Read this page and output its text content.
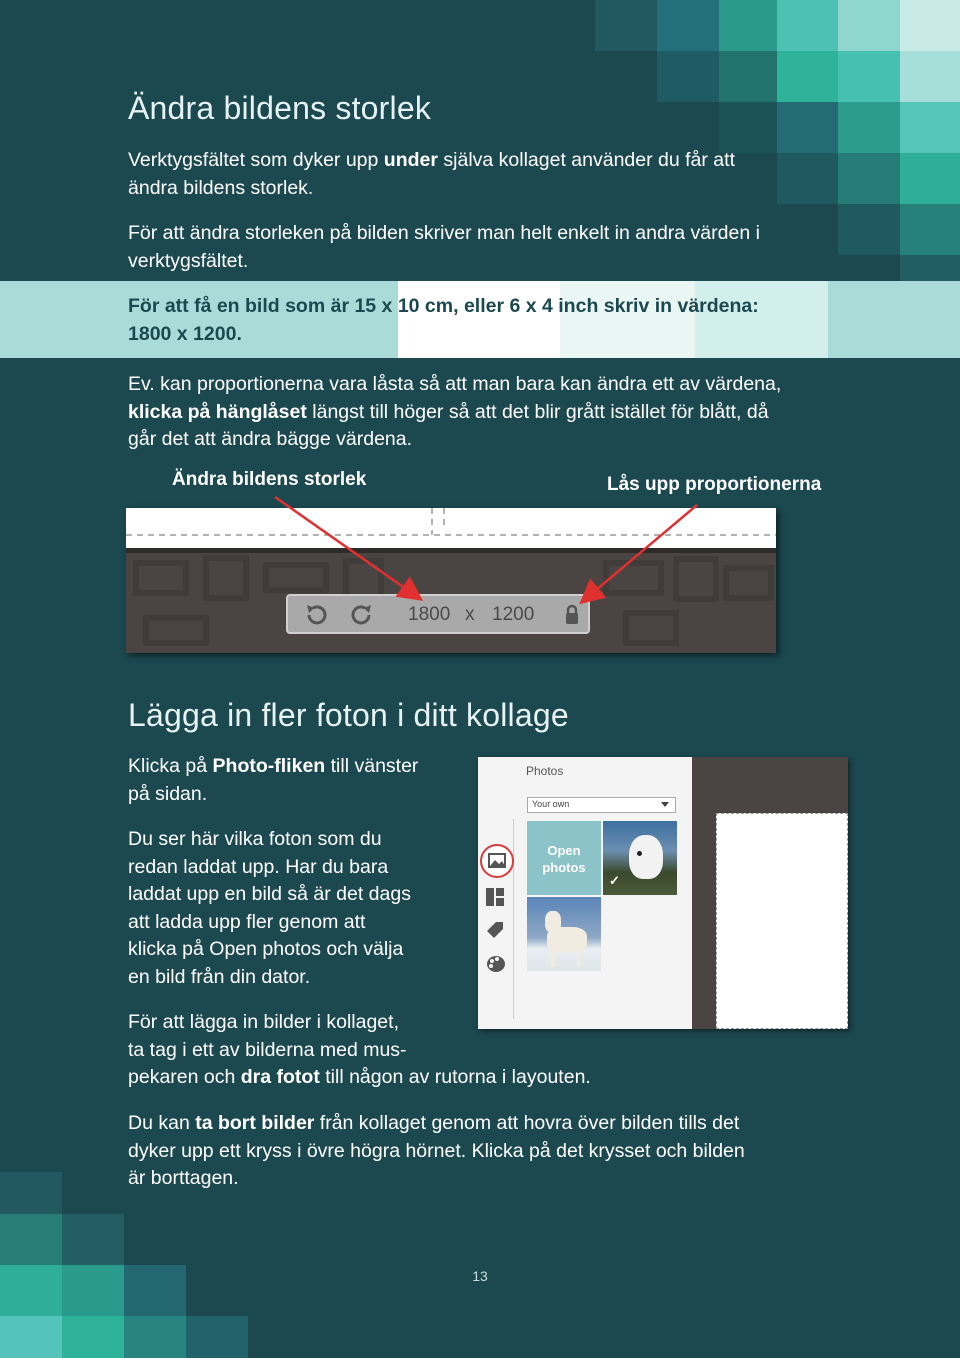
Ändra bildens storlek

Verktygsfältet som dyker upp under själva kollaget använder du får att
ändra bildens storlek.

För att ändra storleken på bilden skriver man helt enkelt in andra värden i
verktygsfältet.

För att få en bild som är 15 x 10 cm, eller 6 x 4 inch skriv in värdena:
1800 x 1200.

Ev. kan proportionerna vara låsta så att man bara kan ändra ett av värdena,
klicka på hänglåset längst till höger så att det blir grått istället för blått, då
går det att ändra bägge värdena.

Ändra bildens storlek	Lås upp proportionerna
1800 x 1200
Lägga in fler foton i ditt kollage

Klicka på Photo-fliken till vänster
på sidan.

Du ser här vilka foton som du
redan laddat upp. Har du bara
laddat upp en bild så är det dags
att ladda upp fler genom att
klicka på Open photos och välja
en bild från din dator.

Photos
Your own
Open
photos
✓

För att lägga in bilder i kollaget,
ta tag i ett av bilderna med mus-
pekaren och dra fotot till någon av rutorna i layouten.

Du kan ta bort bilder från kollaget genom att hovra över bilden tills det
dyker upp ett kryss i övre högra hörnet. Klicka på det krysset och bilden
är borttagen.

13
